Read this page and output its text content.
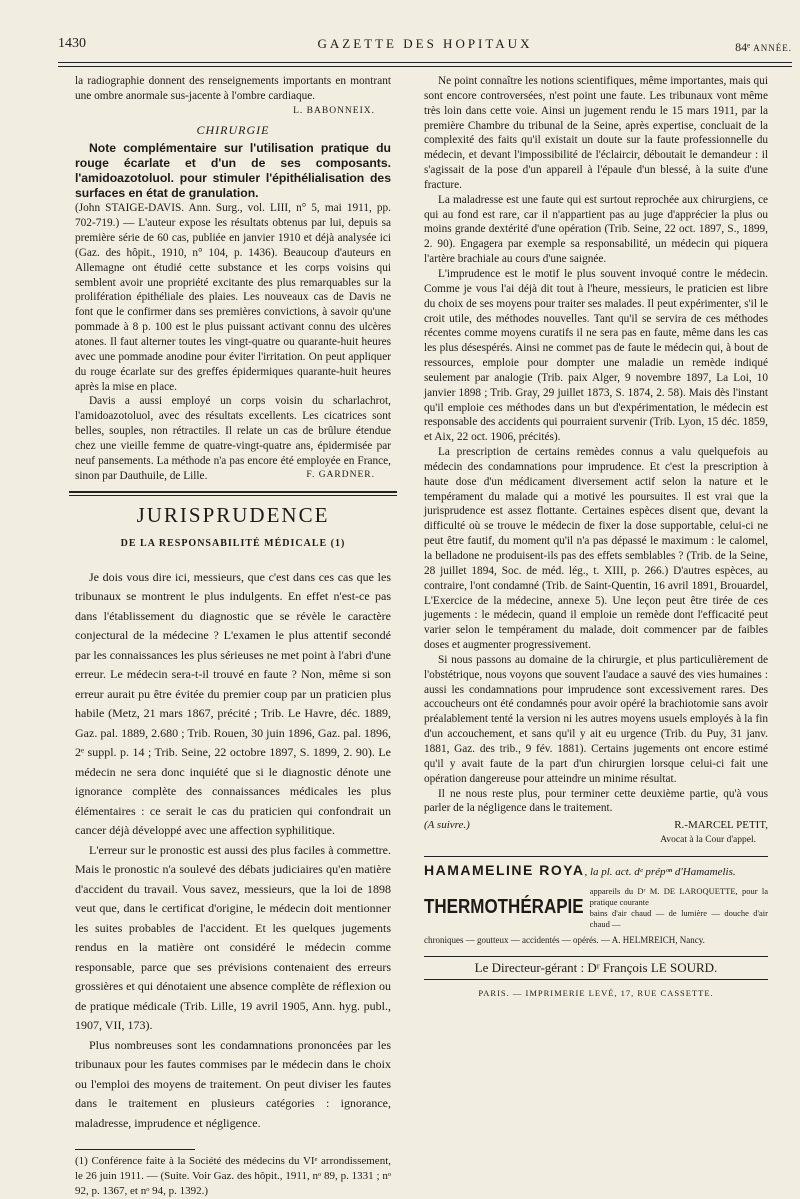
1430	GAZETTE DES HOPITAUX	84ᵉ ANNÉE.

la radiographie donnent des renseignements importants en montrant une ombre anormale sus-jacente à l'ombre cardiaque.

L. BABONNEIX.
CHIRURGIE
Note complémentaire sur l'utilisation pratique du rouge écarlate et d'un de ses composants. l'amidoazotoluol. pour stimuler l'épithélialisation des surfaces en état de granulation.

(John STAIGE-DAVIS. Ann. Surg., vol. LIII, n° 5, mai 1911, pp. 702-719.) — L'auteur expose les résultats obtenus par lui, depuis sa première série de 60 cas, publiée en janvier 1910 et déjà analysée ici (Gaz. des hôpit., 1910, n° 104, p. 1436). Beaucoup d'auteurs en Allemagne ont étudié cette substance et les corps voisins qui semblent avoir une propriété excitante des plus remarquables sur la prolifération épithéliale des plaies. Les nouveaux cas de Davis ne font que le confirmer dans ses premières convictions, à savoir qu'une pommade à 8 p. 100 est le plus puissant activant connu des ulcères atones. Il faut alterner toutes les vingt-quatre ou quarante-huit heures avec une pommade anodine pour éviter l'irritation. On peut appliquer du rouge écarlate sur des greffes épidermiques quarante-huit heures après la mise en place.

Davis a aussi employé un corps voisin du scharlachrot, l'amidoazotoluol, avec des résultats excellents. Les cicatrices sont belles, souples, non rétractiles. Il relate un cas de brûlure étendue chez une vieille femme de quatre-vingt-quatre ans, épidermisée par neuf pansements. La méthode n'a pas encore été employée en France, sinon par Dauthuile, de Lille.	F. GARDNER.
JURISPRUDENCE
DE LA RESPONSABILITÉ MÉDICALE (1)

Je dois vous dire ici, messieurs, que c'est dans ces cas que les tribunaux se montrent le plus indulgents. En effet n'est-ce pas dans l'établissement du diagnostic que se révèle le caractère conjectural de la médecine ? L'examen le plus attentif secondé par les connaissances les plus sérieuses ne met point à l'abri d'une erreur. Le médecin sera-t-il trouvé en faute ? Non, même si son erreur aurait pu être évitée du premier coup par un praticien plus habile (Metz, 21 mars 1867, précité ; Trib. Le Havre, déc. 1889, Gaz. pal. 1889, 2.680 ; Trib. Rouen, 30 juin 1896, Gaz. pal. 1896, 2ᵉ suppl. p. 14 ; Trib. Seine, 22 octobre 1897, S. 1899, 2. 90). Le médecin ne sera donc inquiété que si le diagnostic dénote une ignorance complète des connaissances médicales les plus élémentaires : ce serait le cas du praticien qui confondrait un cancer déjà développé avec une affection syphilitique.

L'erreur sur le pronostic est aussi des plus faciles à commettre. Mais le pronostic n'a soulevé des débats judiciaires qu'en matière d'accident du travail. Vous savez, messieurs, que la loi de 1898 veut que, dans le certificat d'origine, le médecin doit mentionner les suites probables de l'accident. Et les quelques jugements rendus en la matière ont considéré le médecin comme responsable, parce que ses prévisions contenaient des erreurs grossières et qui dénotaient une absence complète de réflexion ou de pratique médicale (Trib. Lille, 19 avril 1905, Ann. hyg. publ., 1907, VII, 173).

Plus nombreuses sont les condamnations prononcées par les tribunaux pour les fautes commises par le médecin dans le choix ou l'emploi des moyens de traitement. On peut diviser les fautes dans le traitement en plusieurs catégories : ignorance, maladresse, imprudence et négligence.

(1) Conférence faite à la Société des médecins du VIᵉ arrondissement, le 26 juin 1911. — (Suite. Voir Gaz. des hôpit., 1911, nᵒ 89, p. 1331 ; nᵒ 92, p. 1367, et nᵒ 94, p. 1392.)

Ne point connaître les notions scientifiques, même importantes, mais qui sont encore controversées, n'est point une faute. Les tribunaux vont même très loin dans cette voie. Ainsi un jugement rendu le 15 mars 1911, par la première Chambre du tribunal de la Seine, après expertise, concluait de la complexité des faits qu'il existait un doute sur la faute professionnelle du médecin, et devant l'impossibilité de l'éclaircir, déboutait le demandeur : il s'agissait de la pose d'un appareil à l'épaule d'un blessé, à la suite d'une fracture.

La maladresse est une faute qui est surtout reprochée aux chirurgiens, ce qui au fond est rare, car il n'appartient pas au juge d'apprécier la plus ou moins grande dextérité d'une opération (Trib. Seine, 22 oct. 1897, S., 1899, 2. 90). Engagera par exemple sa responsabilité, un médecin qui piquera l'artère brachiale au cours d'une saignée.

L'imprudence est le motif le plus souvent invoqué contre le médecin. Comme je vous l'ai déjà dit tout à l'heure, messieurs, le praticien est libre du choix de ses moyens pour traiter ses malades. Il peut expérimenter, s'il le croit utile, des méthodes nouvelles. Tant qu'il se servira de ces méthodes récentes comme moyens curatifs il ne sera pas en faute, même dans les cas les plus désespérés. Ainsi ne commet pas de faute le médecin qui, à bout de ressources, emploie pour dompter une maladie un remède indiqué seulement par analogie (Trib. paix Alger, 9 novembre 1897, La Loi, 10 janvier 1898 ; Trib. Gray, 29 juillet 1873, S. 1874, 2. 58). Mais dès l'instant qu'il emploie ces méthodes dans un but d'expérimentation, le médecin est responsable des accidents qui pourraient survenir (Trib. Lyon, 15 déc. 1859, et Aix, 22 oct. 1906, précités).

La prescription de certains remèdes connus a valu quelquefois au médecin des condamnations pour imprudence. Et c'est la prescription à haute dose d'un médicament diversement actif selon la nature et le tempérament du malade qui a motivé les poursuites. Il est vrai que la jurisprudence est assez flottante. Certaines espèces disent que, devant la difficulté où se trouve le médecin de fixer la dose supportable, celui-ci ne peut être fautif, du moment qu'il n'a pas dépassé le maximum : le calomel, la belladone ne produisent-ils pas des effets semblables ? (Trib. de la Seine, 28 juillet 1894, Soc. de méd. lég., t. XIII, p. 266.) D'autres espèces, au contraire, l'ont condamné (Trib. de Saint-Quentin, 16 avril 1891, Brouardel, L'Exercice de la médecine, annexe 5). Une leçon peut être tirée de ces jugements : le médecin, quand il emploie un remède dont l'efficacité peut varier selon le tempérament du malade, doit commencer par de faibles doses et augmenter progressivement.

Si nous passons au domaine de la chirurgie, et plus particulièrement de l'obstétrique, nous voyons que souvent l'audace a sauvé des vies humaines : aussi les condamnations pour imprudence sont excessivement rares. Des accoucheurs ont été condamnés pour avoir opéré la brachiotomie sans avoir préalablement tenté la version ni les autres moyens usuels employés à la fin d'un accouchement, et sans qu'il y ait eu urgence (Trib. du Puy, 31 janv. 1881, Gaz. des trib., 9 fév. 1881). Certains jugements ont encore estimé qu'il y avait faute de la part d'un chirurgien lorsque celui-ci fait une opération dangereuse pour atteindre un minime résultat.

Il ne nous reste plus, pour terminer cette deuxième partie, qu'à vous parler de la négligence dans le traitement.

(A suivre.)	R.-MARCEL PETIT,
Avocat à la Cour d'appel.
HAMAMELINE ROYA, la pl. act. dᵉ prépᵒⁿ d'Hamamelis.
THERMOTHÉRAPIE
appareils du Dʳ M. DE LAROQUETTE, pour la pratique courante
bains d'air chaud — de lumière — douche d'air chaud —
chroniques — goutteux — accidentés — opérés. — A. HELMREICH, Nancy.
Le Directeur-gérant : Dʳ François LE SOURD.
PARIS. — IMPRIMERIE LEVÉ, 17, RUE CASSETTE.
